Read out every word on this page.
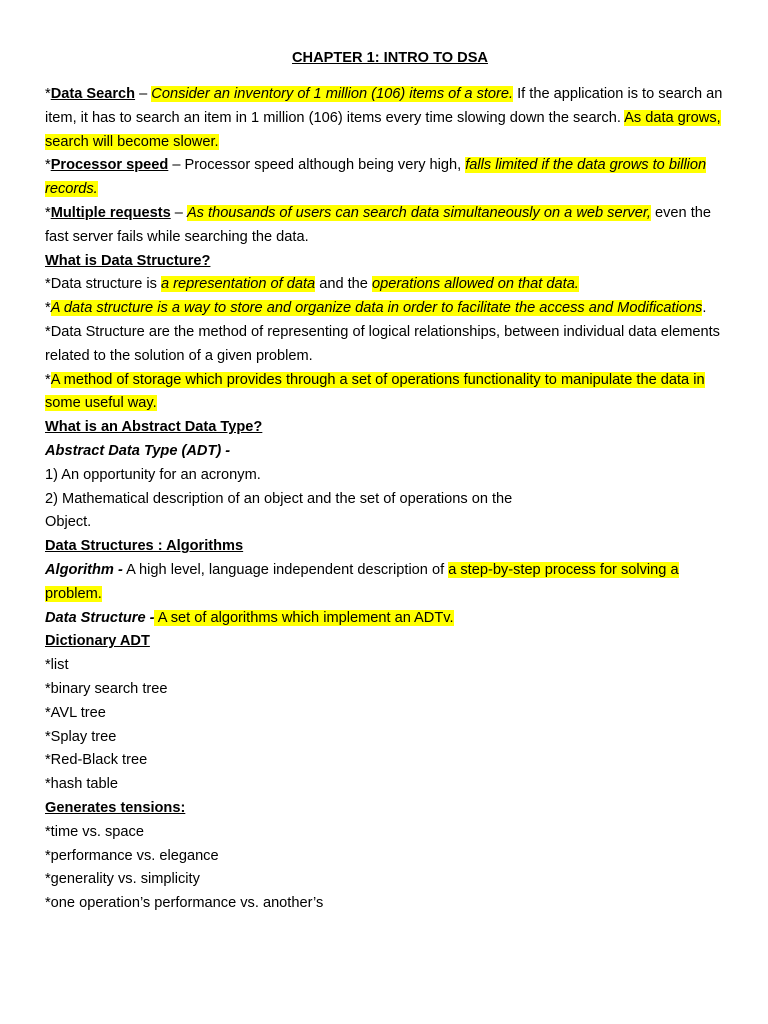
CHAPTER 1: INTRO TO DSA

*Data Search – Consider an inventory of 1 million (106) items of a store. If the application is to search an item, it has to search an item in 1 million (106) items every time slowing down the search. As data grows, search will become slower.

*Processor speed – Processor speed although being very high, falls limited if the data grows to billion records.

*Multiple requests – As thousands of users can search data simultaneously on a web server, even the fast server fails while searching the data.

What is Data Structure?

*Data structure is a representation of data and the operations allowed on that data.

*A data structure is a way to store and organize data in order to facilitate the access and Modifications.

*Data Structure are the method of representing of logical relationships, between individual data elements related to the solution of a given problem.

*A method of storage which provides through a set of operations functionality to manipulate the data in some useful way.

What is an Abstract Data Type?

Abstract Data Type (ADT) -

1) An opportunity for an acronym.

2) Mathematical description of an object and the set of operations on the

Object.

Data Structures : Algorithms

Algorithm - A high level, language independent description of a step-by-step process for solving a problem.

Data Structure - A set of algorithms which implement an ADTv.

Dictionary ADT

*list

*binary search tree

*AVL tree

*Splay tree

*Red-Black tree

*hash table

Generates tensions:

*time vs. space

*performance vs. elegance

*generality vs. simplicity

*one operation’s performance vs. another’s
